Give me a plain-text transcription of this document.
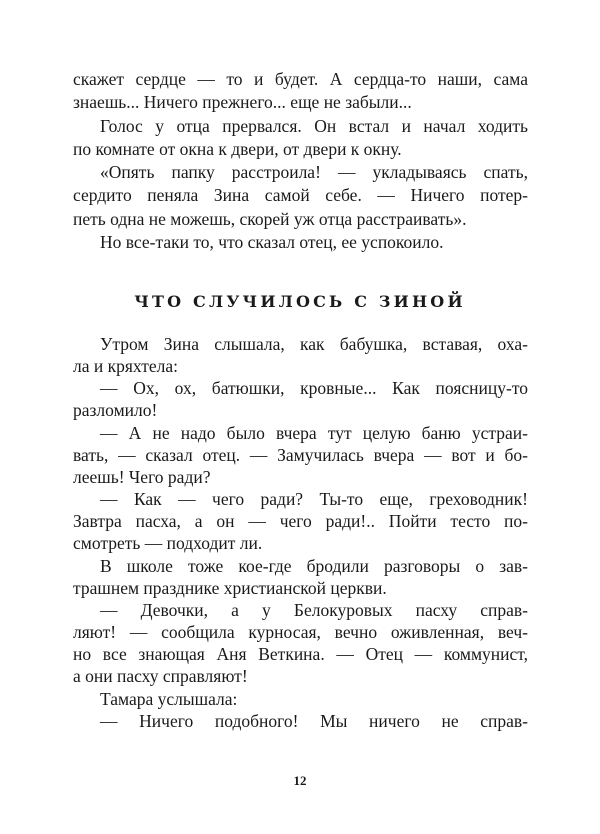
скажет сердце — то и будет. А сердца-то наши, сама
знаешь... Ничего прежнего... еще не забыли...
Голос у отца прервался. Он встал и начал ходить
по комнате от окна к двери, от двери к окну.
«Опять папку расстроила! — укладываясь спать,
сердито пеняла Зина самой себе. — Ничего потер-
петь одна не можешь, скорей уж отца расстраивать».
Но все-таки то, что сказал отец, ее успокоило.
ЧТО СЛУЧИЛОСЬ С ЗИНОЙ
Утром Зина слышала, как бабушка, вставая, оха-
ла и кряхтела:
— Ох, ох, батюшки, кровные... Как поясницу-то
разломило!
— А не надо было вчера тут целую баню устраи-
вать, — сказал отец. — Замучилась вчера — вот и бо-
леешь! Чего ради?
— Как — чего ради? Ты-то еще, греховодник!
Завтра пасха, а он — чего ради!.. Пойти тесто по-
смотреть — подходит ли.
В школе тоже кое-где бродили разговоры о зав-
трашнем празднике христианской церкви.
— Девочки, а у Белокуровых пасху справ-
ляют! — сообщила курносая, вечно оживленная, веч-
но все знающая Аня Веткина. — Отец — коммунист,
а они пасху справляют!
Тамара услышала:
— Ничего подобного! Мы ничего не справ-
12
